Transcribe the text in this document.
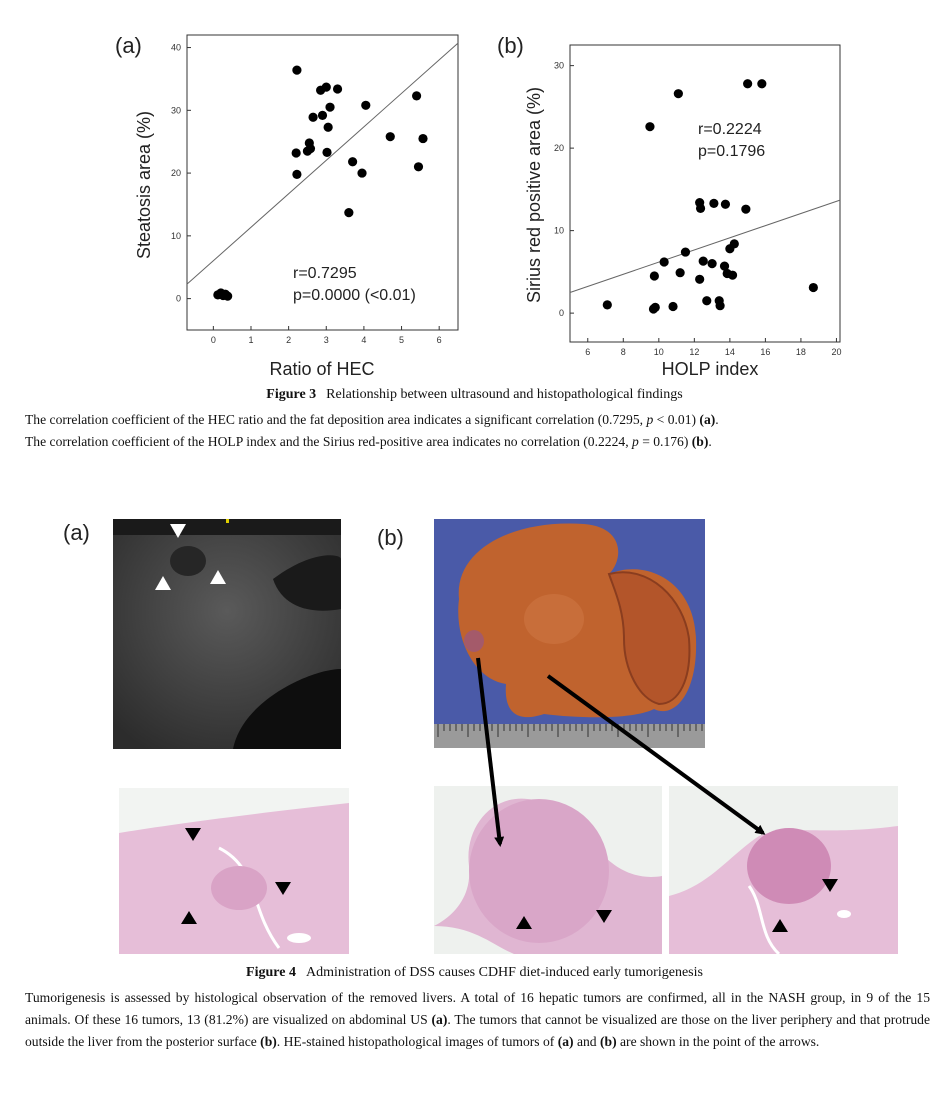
(a)	(b)
0
10
20
30
40
0	1	2	3	4	5	6
r=0.7295
p=0.0000 (<0.01)
Ratio of HEC
Steatosis area (%)
0
10
20
30
6	8	10	12	14	16	18	20
r=0.2224
p=0.1796
HOLP index
Sirius red positive area (%)
Figure 3 Relationship between ultrasound and histopathological findings
The correlation coefficient of the HEC ratio and the fat deposition area indicates a significant correlation (0.7295, p < 0.01) (a).
The correlation coefficient of the HOLP index and the Sirius red-positive area indicates no correlation (0.2224, p = 0.176) (b).
(a)	(b)
Figure 4 Administration of DSS causes CDHF diet-induced early tumorigenesis
Tumorigenesis is assessed by histological observation of the removed livers. A total of 16 hepatic tumors are confirmed, all in the NASH group, in 9 of the 15 animals. Of these 16 tumors, 13 (81.2%) are visualized on abdominal US (a). The tumors that cannot be visualized are those on the liver periphery and that protrude outside the liver from the posterior surface (b). HE-stained histopathological images of tumors of (a) and (b) are shown in the point of the arrows.
